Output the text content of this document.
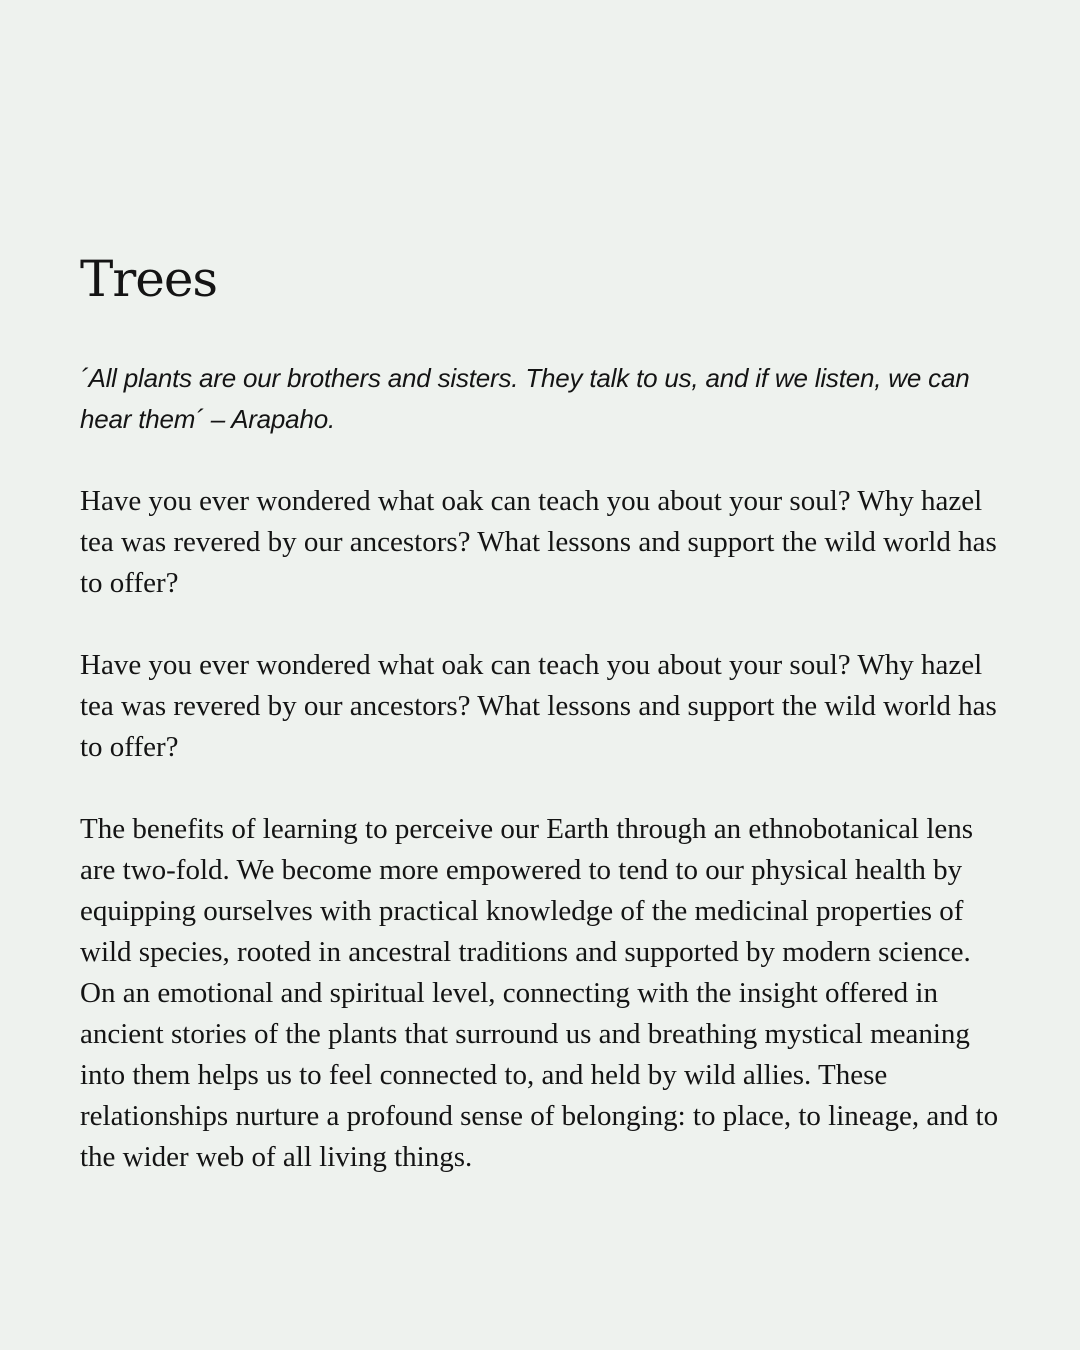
Trees

´All plants are our brothers and sisters. They talk to us, and if we listen, we can hear them´ – Arapaho.

Have you ever wondered what oak can teach you about your soul? Why hazel tea was revered by our ancestors? What lessons and support the wild world has to offer?

Have you ever wondered what oak can teach you about your soul? Why hazel tea was revered by our ancestors? What lessons and support the wild world has to offer?

The benefits of learning to perceive our Earth through an ethnobotanical lens are two-fold. We become more empowered to tend to our physical health by equipping ourselves with practical knowledge of the medicinal properties of wild species, rooted in ancestral traditions and supported by modern science. On an emotional and spiritual level, connecting with the insight offered in ancient stories of the plants that surround us and breathing mystical meaning into them helps us to feel connected to, and held by wild allies. These relationships nurture a profound sense of belonging: to place, to lineage, and to the wider web of all living things.
